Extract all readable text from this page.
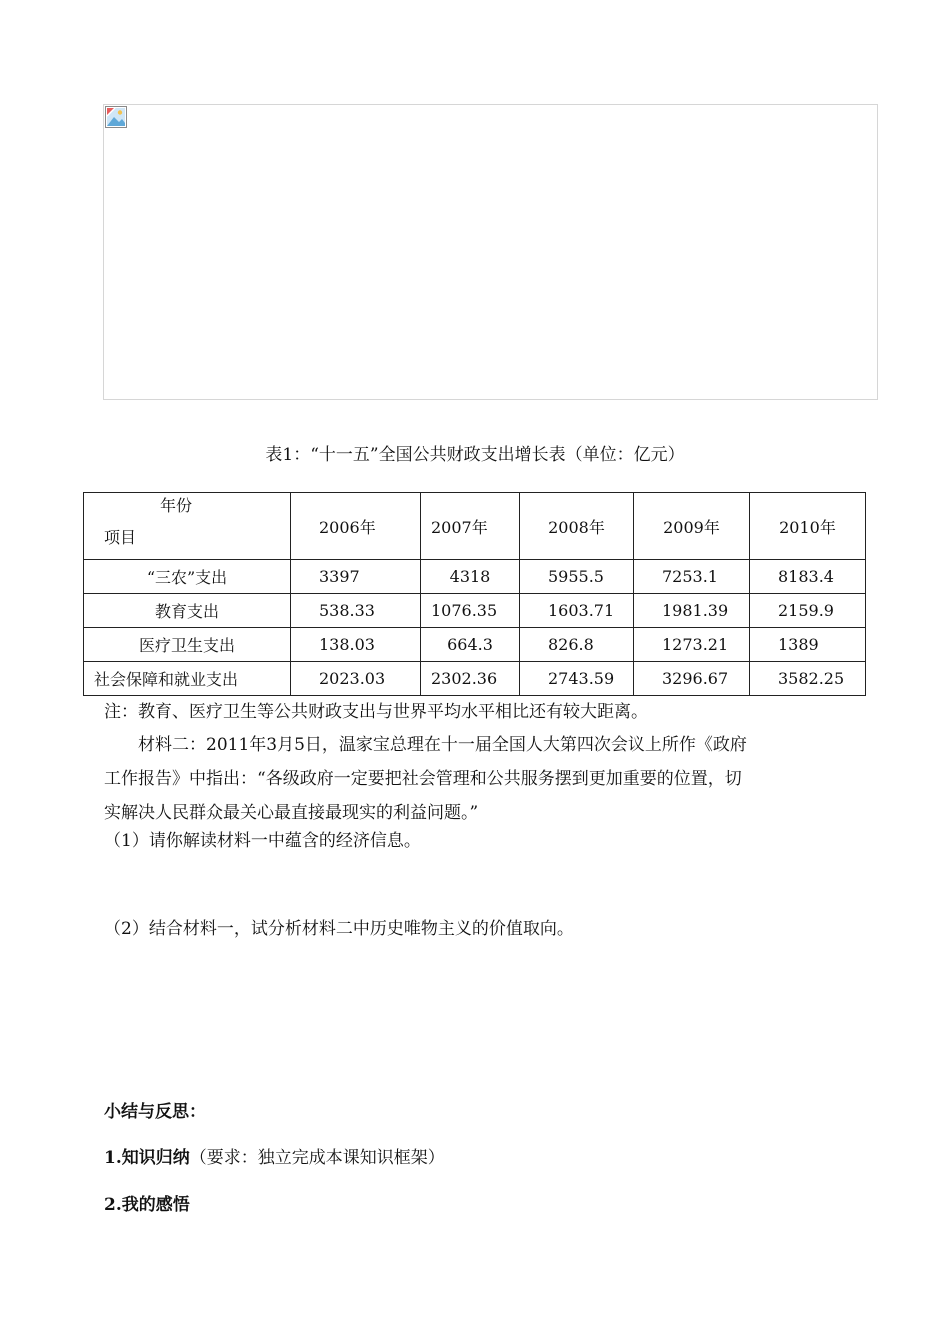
表1：“十一五”全国公共财政支出增长表（单位：亿元）
年份
项目	2006年	2007年	2008年	2009年	2010年
“三农”支出	3397	4318	5955.5	7253.1	8183.4
教育支出	538.33	1076.35	1603.71	1981.39	2159.9
医疗卫生支出	138.03	664.3	826.8	1273.21	1389
社会保障和就业支出	2023.03	2302.36	2743.59	3296.67	3582.25
注：教育、医疗卫生等公共财政支出与世界平均水平相比还有较大距离。
材料二：2011年3月5日，温家宝总理在十一届全国人大第四次会议上所作《政府
工作报告》中指出：“各级政府一定要把社会管理和公共服务摆到更加重要的位置，切
实解决人民群众最关心最直接最现实的利益问题。”
（1）请你解读材料一中蕴含的经济信息。
（2）结合材料一，试分析材料二中历史唯物主义的价值取向。
小结与反思：
1.知识归纳（要求：独立完成本课知识框架）
2.我的感悟
